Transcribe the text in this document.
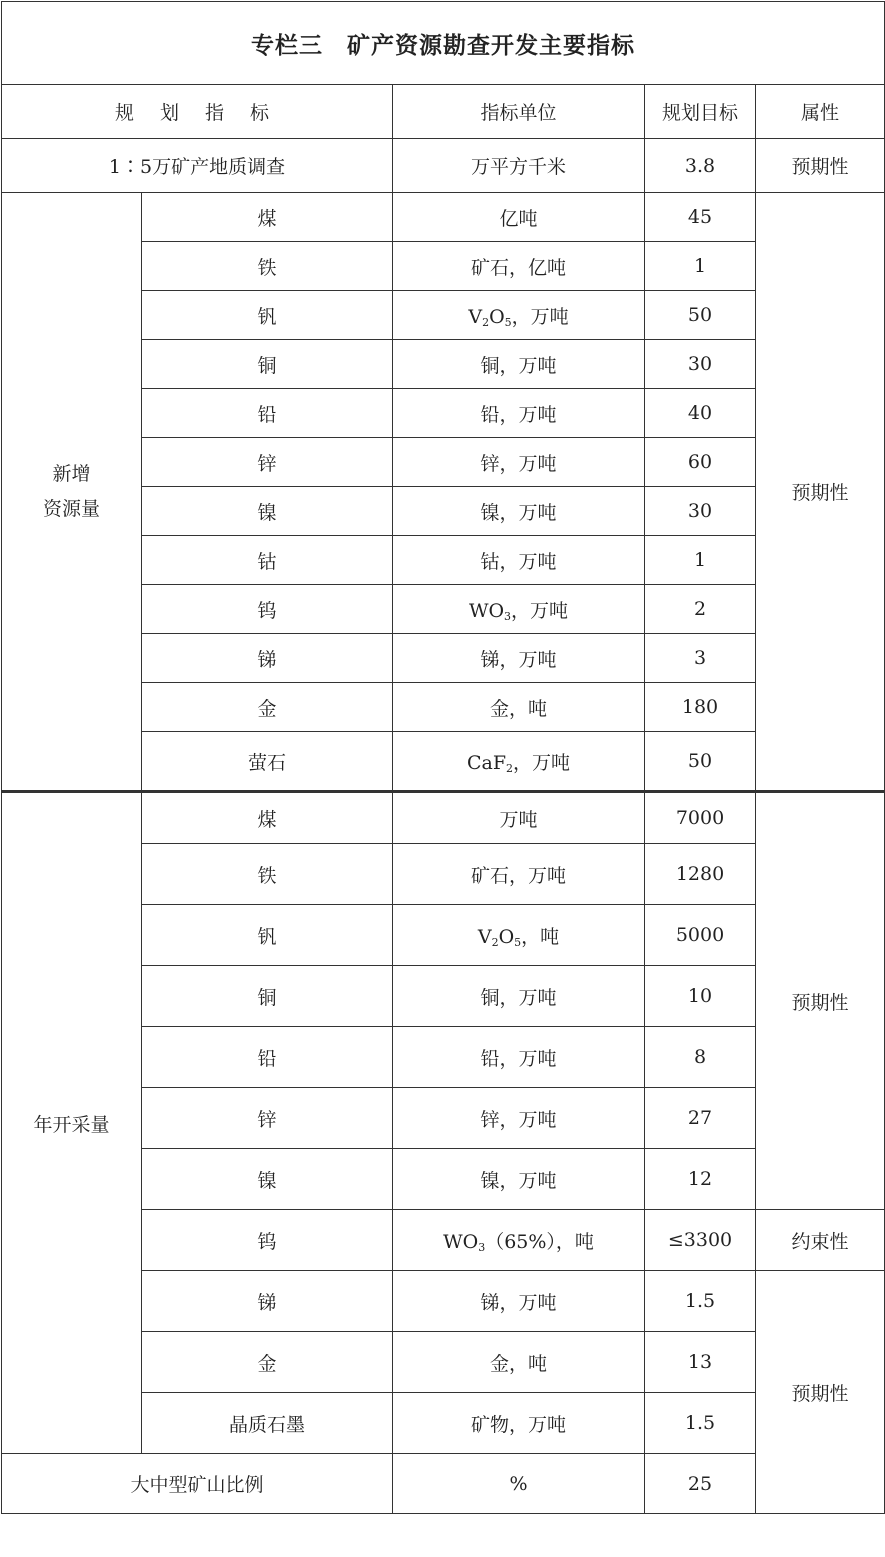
专栏三　矿产资源勘查开发主要指标				
规 划 指 标		指标单位	规划目标	属性
1∶5万矿产地质调查		万平方千米	3.8	预期性
新增
资源量	煤	亿吨	45	预期性
	铁	矿石，亿吨	1	
	钒	$V_2O_5$，万吨	50	
	铜	铜，万吨	30	
	铅	铅，万吨	40	
	锌	锌，万吨	60	
	镍	镍，万吨	30	
	钴	钴，万吨	1	
	钨	$WO_3$，万吨	2	
	锑	锑，万吨	3	
	金	金，吨	180	
	萤石	CaF$_2$，万吨	50	
年开采量	煤	万吨	7000	预期性
	铁	矿石，万吨	1280	
	钒	$V_2O_5$，吨	5000	
	铜	铜，万吨	10	
	铅	铅，万吨	8	
	锌	锌，万吨	27	
	镍	镍，万吨	12	
	钨	$WO_3(65\%)$，吨	≤3300	约束性
	锑	锑，万吨	1.5	预期性
	金	金，吨	13	
	晶质石墨	矿物，万吨	1.5	
大中型矿山比例		%	25	
